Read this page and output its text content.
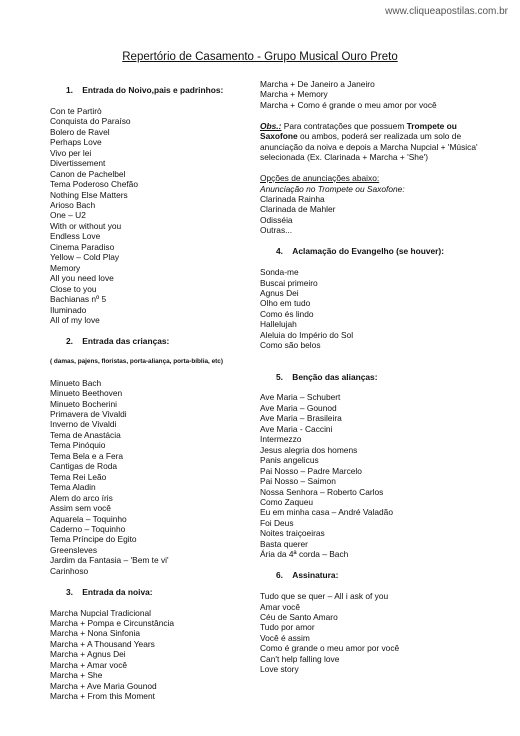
www.cliqueapostilas.com.br
Repertório de Casamento - Grupo Musical Ouro Preto
1.    Entrada do Noivo,pais e padrinhos:
Con te Partirò
Conquista do Paraíso
Bolero de Ravel
Perhaps Love
Vivo per lei
Divertissement
Canon de Pachelbel
Tema Poderoso Chefão
Nothing Else Matters
Arioso Bach
One – U2
With or without you
Endless Love
Cinema Paradiso
Yellow – Cold Play
Memory
All you need love
Close to you
Bachianas nº 5
Iluminado
All of my love
2.    Entrada das crianças:
( damas, pajens, floristas, porta-aliança, porta-bíblia, etc)
Minueto Bach
Minueto Beethoven
Minueto Bocherini
Primavera de Vivaldi
Inverno de Vivaldi
Tema de Anastácia
Tema Pinóquio
Tema Bela e a Fera
Cantigas de Roda
Tema Rei Leão
Tema Aladin
Alem do arco íris
Assim sem você
Aquarela – Toquinho
Caderno – Toquinho
Tema Príncipe do Egito
Greensleves
Jardim da Fantasia – 'Bem te vi'
Carinhoso
3.    Entrada da noiva:
Marcha Nupcial Tradicional
Marcha + Pompa e Circunstância
Marcha + Nona Sinfonia
Marcha + A Thousand Years
Marcha + Agnus Dei
Marcha + Amar você
Marcha + She
Marcha + Ave Maria Gounod
Marcha + From this Moment
Marcha + De Janeiro a Janeiro
Marcha + Memory
Marcha + Como é grande o meu amor por você
Obs.: Para contratações que possuem Trompete ou Saxofone ou ambos, poderá ser realizada um solo de anunciação da noiva e depois a Marcha Nupcial + 'Música' selecionada (Ex. Clarinada + Marcha + 'She')
Opções de anunciações abaixo:
Anunciação no Trompete ou Saxofone:
Clarinada Rainha
Clarinada de Mahler
Odisséia
Outras...
4.    Aclamação do Evangelho (se houver):
Sonda-me
Buscai primeiro
Agnus Dei
Olho em tudo
Como és lindo
Hallelujah
Aleluia do Império do Sol
Como são belos
5.    Benção das alianças:
Ave Maria – Schubert
Ave Maria – Gounod
Ave Maria – Brasileira
Ave Maria - Caccini
Intermezzo
Jesus alegria dos homens
Panis angelicus
Pai Nosso – Padre Marcelo
Pai Nosso – Saimon
Nossa Senhora – Roberto Carlos
Como Zaqueu
Eu em minha casa – André Valadão
Foi Deus
Noites traiçoeiras
Basta querer
Ária da 4ª corda – Bach
6.    Assinatura:
Tudo que se quer – All i ask of you
Amar você
Céu de Santo Amaro
Tudo por amor
Você é assim
Como é grande o meu amor por você
Can't help falling love
Love story
